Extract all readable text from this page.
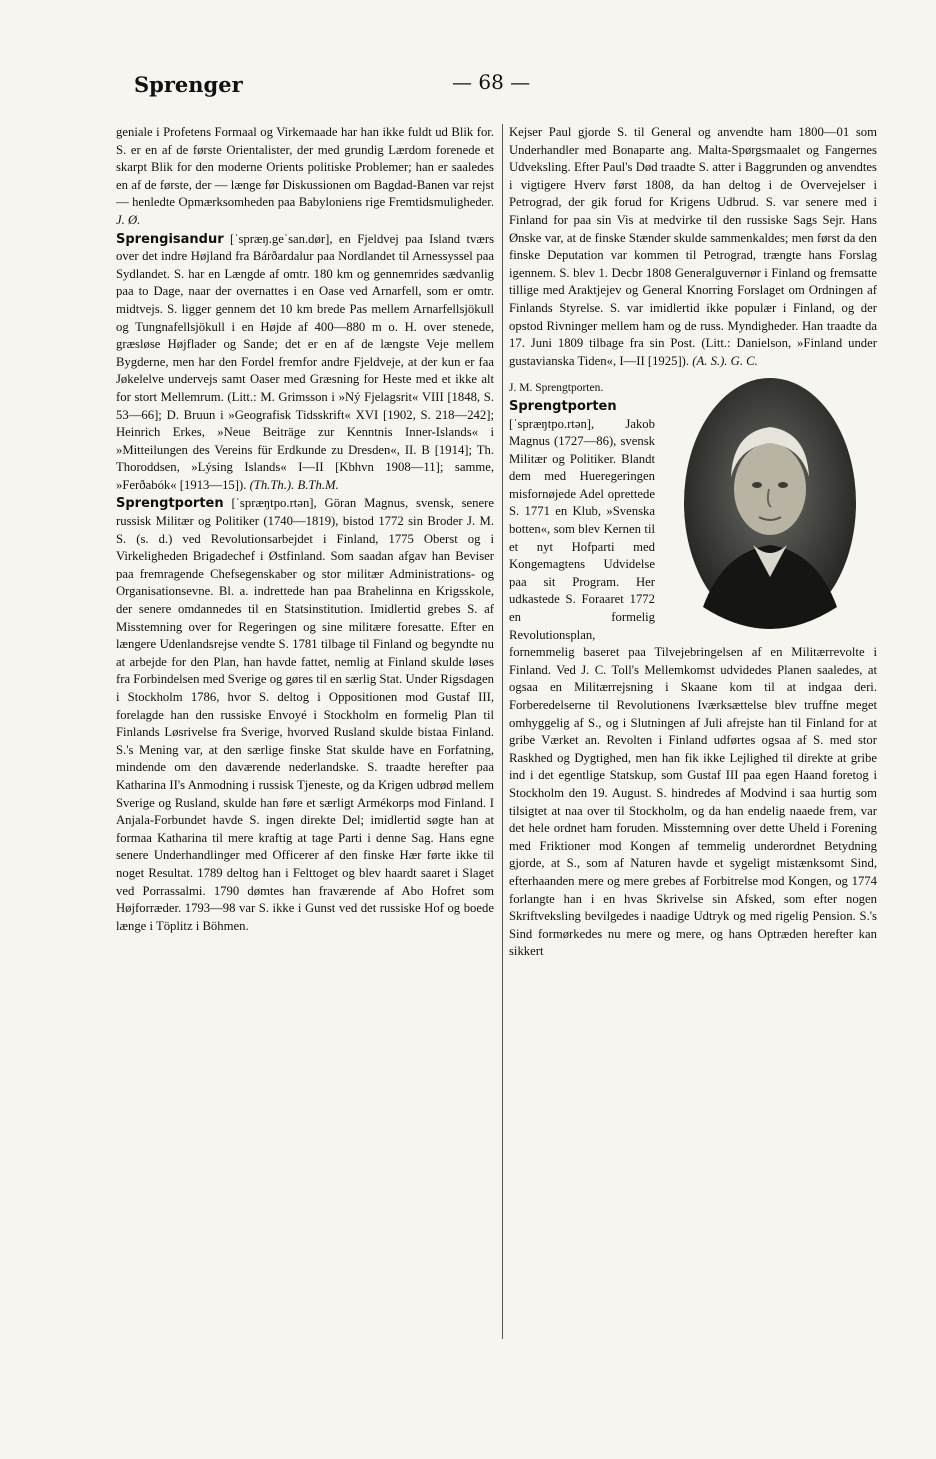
Sprenger	— 68 —

geniale i Profetens Formaal og Virkemaade har han ikke fuldt ud Blik for. S. er en af de første Orientalister, der med grundig Lærdom forenede et skarpt Blik for den moderne Orients politiske Problemer; han er saaledes en af de første, der — længe før Diskussionen om Bagdad-Banen var rejst — henledte Opmærksomheden paa Babyloniens rige Fremtidsmuligheder. J. Ø.

Sprengisandur [ˈspræŋ.geˈsan.dør], en Fjeldvej paa Island tværs over det indre Højland fra Bárðardalur paa Nordlandet til Arnessyssel paa Sydlandet. S. har en Længde af omtr. 180 km og gennemrides sædvanlig paa to Dage, naar der overnattes i en Oase ved Arnarfell, som er omtr. midtvejs. S. ligger gennem det 10 km brede Pas mellem Arnarfellsjökull og Tungnafellsjökull i en Højde af 400—880 m o. H. over stenede, græsløse Højflader og Sande; det er en af de længste Veje mellem Bygderne, men har den Fordel fremfor andre Fjeldveje, at der kun er faa Jøkelelve undervejs samt Oaser med Græsning for Heste med et ikke alt for stort Mellemrum. (Litt.: M. Grimsson i »Ný Fjelagsrit« VIII [1848, S. 53—66]; D. Bruun i »Geografisk Tidsskrift« XVI [1902, S. 218—242]; Heinrich Erkes, »Neue Beiträge zur Kenntnis Inner-Islands« i »Mitteilungen des Vereins für Erdkunde zu Dresden«, II. B [1914]; Th. Thoroddsen, »Lýsing Islands« I—II [Kbhvn 1908—11]; samme, »Ferðabók« [1913—15]). (Th.Th.). B.Th.M.

Sprengtporten [ˈspræŋtpo.rtən], Göran Magnus, svensk, senere russisk Militær og Politiker (1740—1819), bistod 1772 sin Broder J. M. S. (s. d.) ved Revolutionsarbejdet i Finland, 1775 Oberst og i Virkeligheden Brigadechef i Østfinland. Som saadan afgav han Beviser paa fremragende Chefsegenskaber og stor militær Administrations- og Organisationsevne. Bl. a. indrettede han paa Brahelinna en Krigsskole, der senere omdannedes til en Statsinstitution. Imidlertid grebes S. af Misstemning over for Regeringen og sine militære foresatte. Efter en længere Udenlandsrejse vendte S. 1781 tilbage til Finland og begyndte nu at arbejde for den Plan, han havde fattet, nemlig at Finland skulde løses fra Forbindelsen med Sverige og gøres til en særlig Stat. Under Rigsdagen i Stockholm 1786, hvor S. deltog i Oppositionen mod Gustaf III, forelagde han den russiske Envoyé i Stockholm en formelig Plan til Finlands Løsrivelse fra Sverige, hvorved Rusland skulde bistaa Finland. S.'s Mening var, at den særlige finske Stat skulde have en Forfatning, mindende om den daværende nederlandske. S. traadte herefter paa Katharina II's Anmodning i russisk Tjeneste, og da Krigen udbrød mellem Sverige og Rusland, skulde han føre et særligt Armékorps mod Finland. I Anjala-Forbundet havde S. ingen direkte Del; imidlertid søgte han at formaa Katharina til mere kraftig at tage Parti i denne Sag. Hans egne senere Underhandlinger med Officerer af den finske Hær førte ikke til noget Resultat. 1789 deltog han i Felttoget og blev haardt saaret i Slaget ved Porrassalmi. 1790 dømtes han fraværende af Abo Hofret som Højforræder. 1793—98 var S. ikke i Gunst ved det russiske Hof og boede længe i Töplitz i Böhmen.

Kejser Paul gjorde S. til General og anvendte ham 1800—01 som Underhandler med Bonaparte ang. Malta-Spørgsmaalet og Fangernes Udveksling. Efter Paul's Død traadte S. atter i Baggrunden og anvendtes i vigtigere Hverv først 1808, da han deltog i de Overvejelser i Petrograd, der gik forud for Krigens Udbrud. S. var senere med i Finland for paa sin Vis at medvirke til den russiske Sags Sejr. Hans Ønske var, at de finske Stænder skulde sammenkaldes; men først da den finske Deputation var kommen til Petrograd, trængte hans Forslag igennem. S. blev 1. Decbr 1808 Generalguvernør i Finland og fremsatte tillige med Araktjejev og General Knorring Forslaget om Ordningen af Finlands Styrelse. S. var imidlertid ikke populær i Finland, og der opstod Rivninger mellem ham og de russ. Myndigheder. Han traadte da 17. Juni 1809 tilbage fra sin Post. (Litt.: Danielson, »Finland under gustavianska Tiden«, I—II [1925]). (A. S.). G. C.

J. M. Sprengtporten.
Sprengtporten [ˈspræŋtpo.rtən], Jakob Magnus (1727—86), svensk Militær og Politiker. Blandt dem med Hueregeringen misfornøjede Adel oprettede S. 1771 en Klub, »Svenska botten«, som blev Kernen til et nyt Hofparti med Kongemagtens Udvidelse paa sit Program. Her udkastede S. Foraaret 1772 en formelig Revolutionsplan, fornemmelig baseret paa Tilvejebringelsen af en Militærrevolte i Finland. Ved J. C. Toll's Mellemkomst udvidedes Planen saaledes, at ogsaa en Militærrejsning i Skaane kom til at indgaa deri. Forberedelserne til Revolutionens Iværksættelse blev truffne meget omhyggelig af S., og i Slutningen af Juli afrejste han til Finland for at gribe Værket an. Revolten i Finland udførtes ogsaa af S. med stor Raskhed og Dygtighed, men han fik ikke Lejlighed til direkte at gribe ind i det egentlige Statskup, som Gustaf III paa egen Haand foretog i Stockholm den 19. August. S. hindredes af Modvind i saa hurtig som tilsigtet at naa over til Stockholm, og da han endelig naaede frem, var det hele ordnet ham foruden. Misstemning over dette Uheld i Forening med Friktioner mod Kongen af temmelig underordnet Betydning gjorde, at S., som af Naturen havde et sygeligt mistænksomt Sind, efterhaanden mere og mere grebes af Forbitrelse mod Kongen, og 1774 forlangte han i en hvas Skrivelse sin Afsked, som efter nogen Skriftveksling bevilgedes i naadige Udtryk og med rigelig Pension. S.'s Sind formørkedes nu mere og mere, og hans Optræden herefter kan sikkert
